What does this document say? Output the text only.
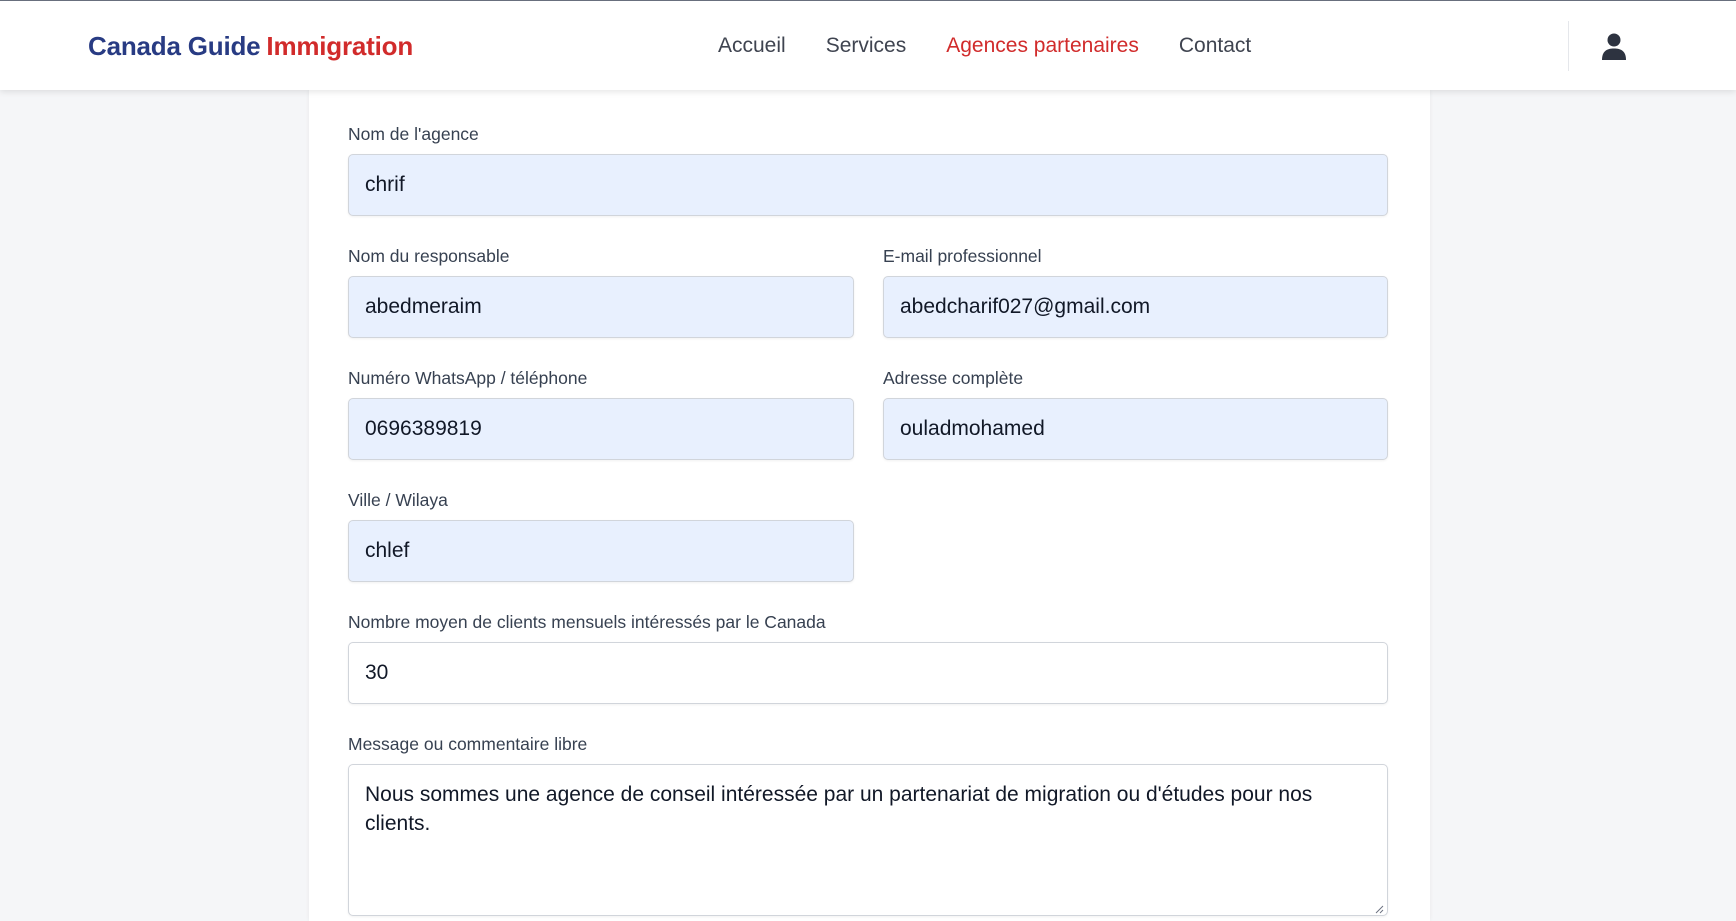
Canada Guide Immigration	Accueil Services Agences partenaires Contact
Nom de l'agence
chrif
Nom du responsable
abedmeraim
E-mail professionnel
abedcharif027@gmail.com
Numéro WhatsApp / téléphone
0696389819
Adresse complète
ouladmohamed
Ville / Wilaya
chlef
Nombre moyen de clients mensuels intéressés par le Canada
30
Message ou commentaire libre
Nous sommes une agence de conseil intéressée par un partenariat de migration ou d'études pour nos clients.
